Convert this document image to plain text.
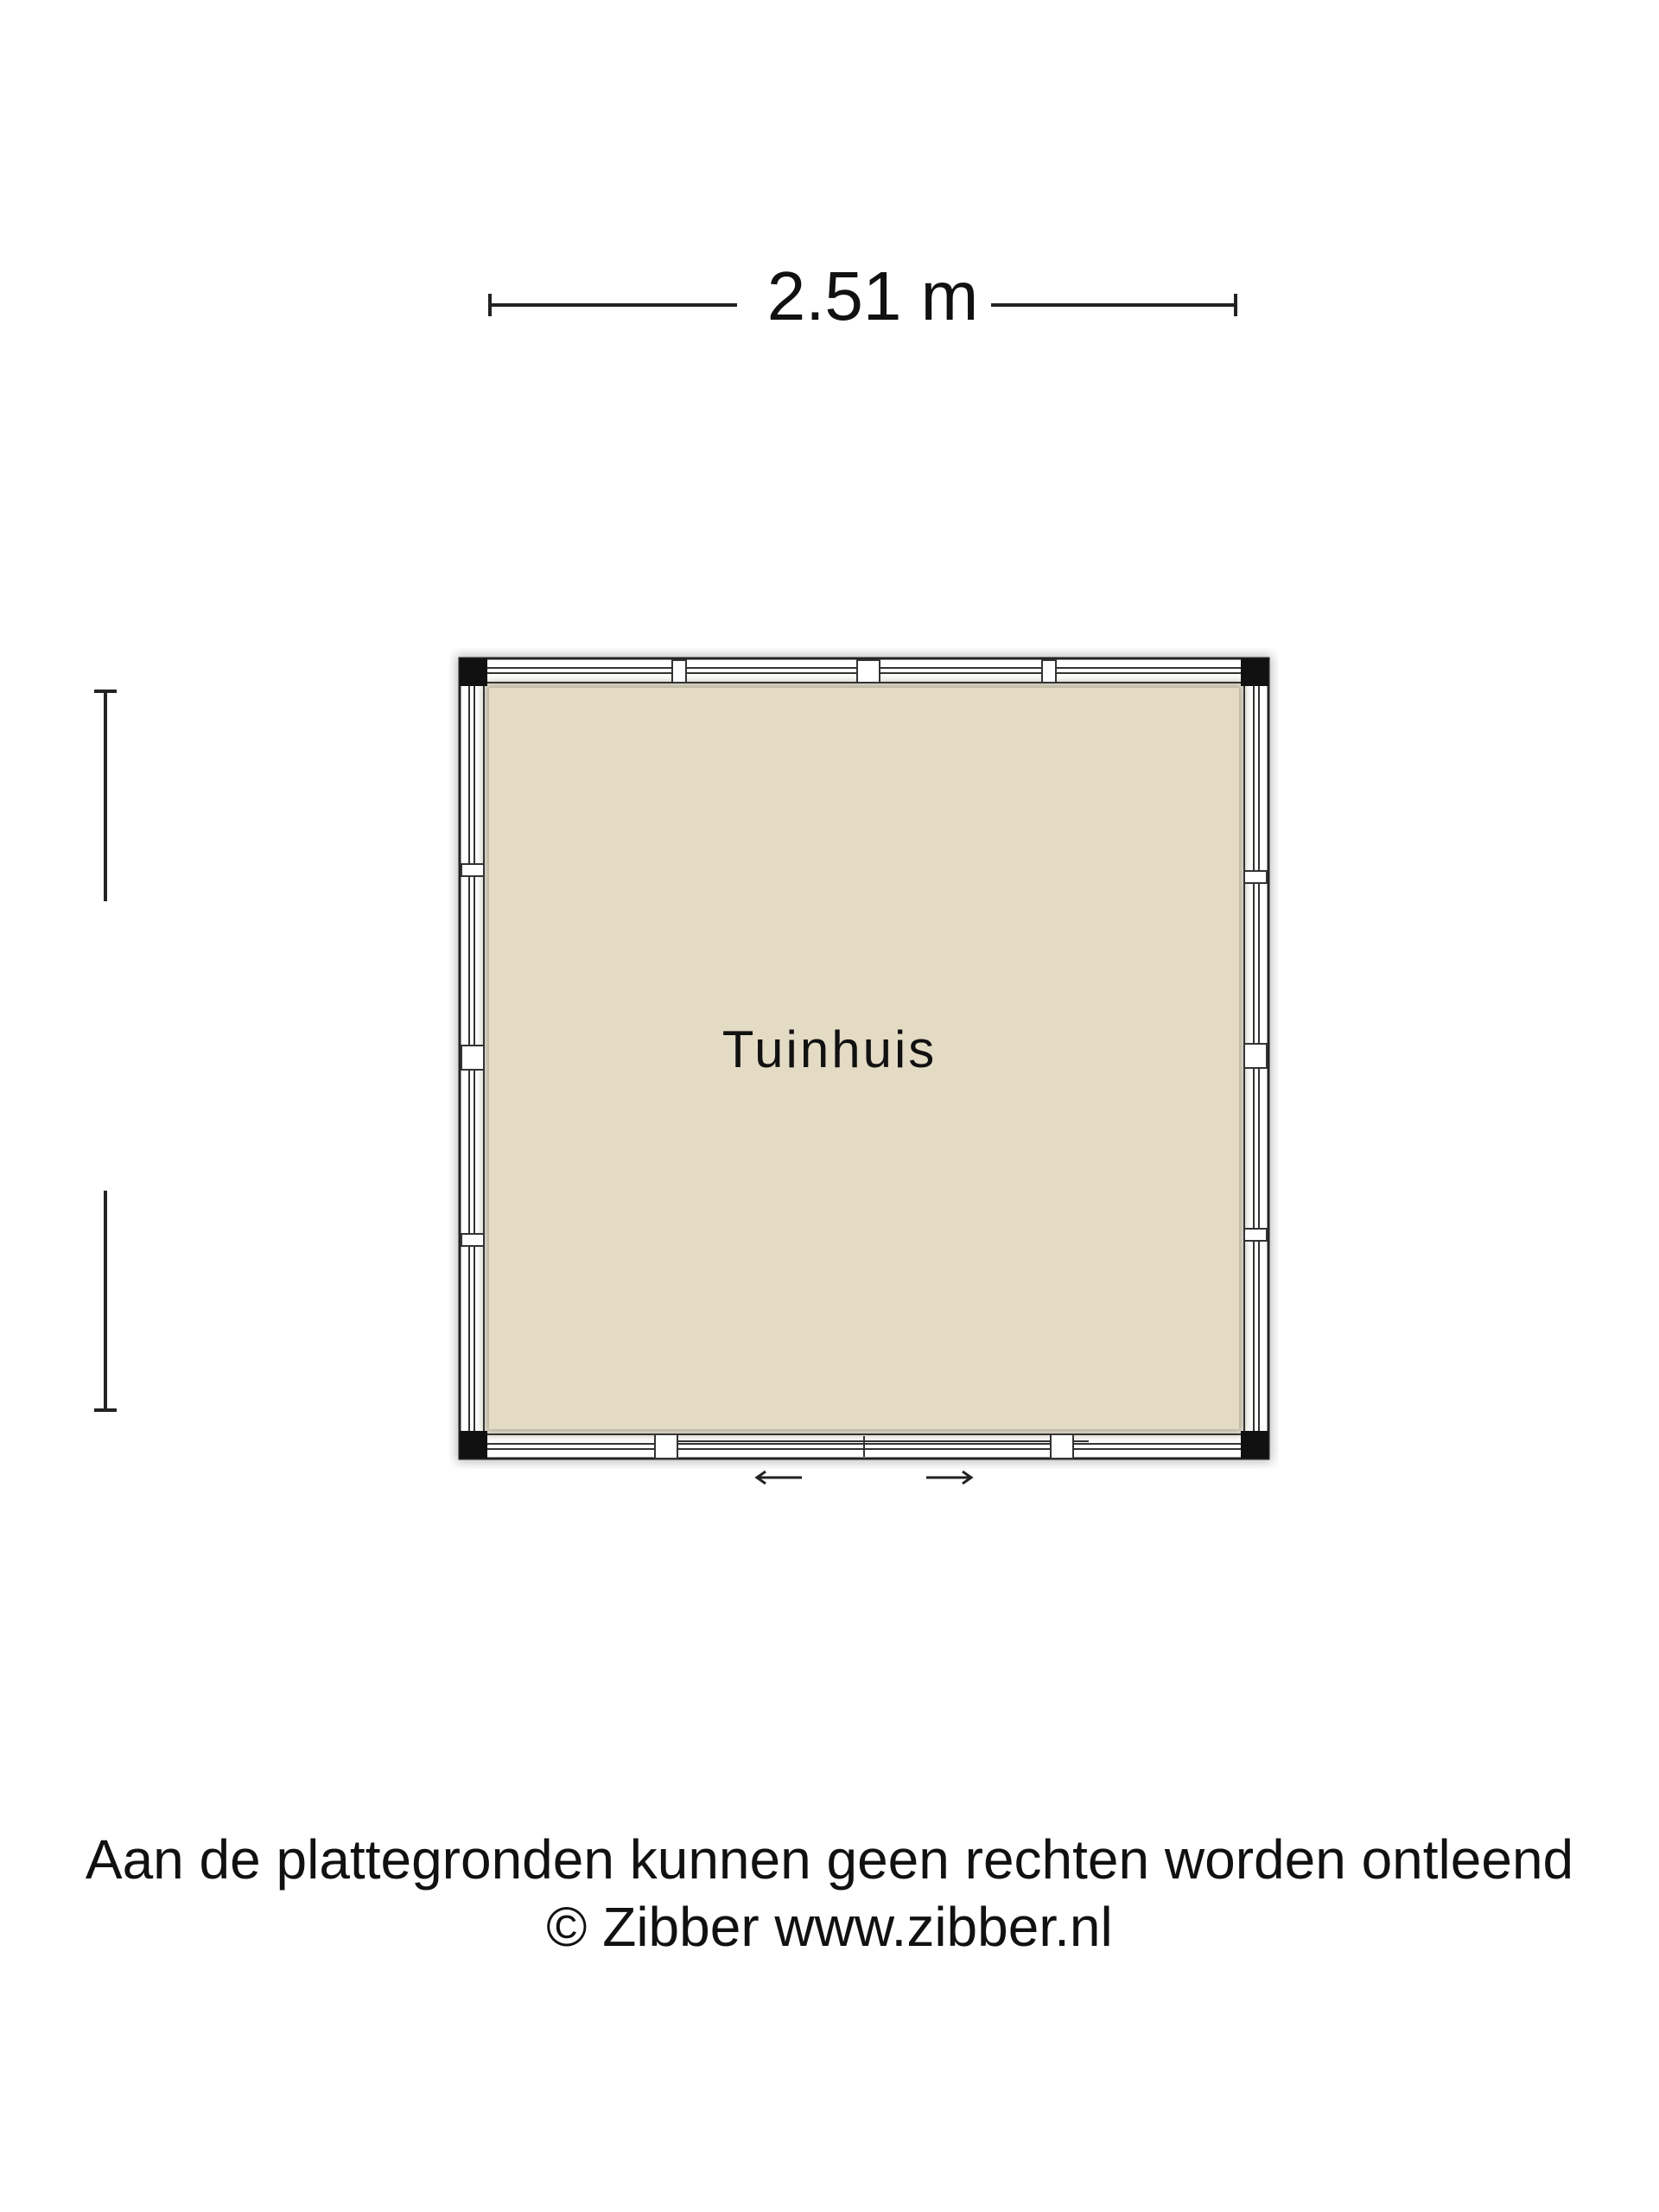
2.51 m
Tuinhuis
Aan de plattegronden kunnen geen rechten worden ontleend
© Zibber www.zibber.nl
